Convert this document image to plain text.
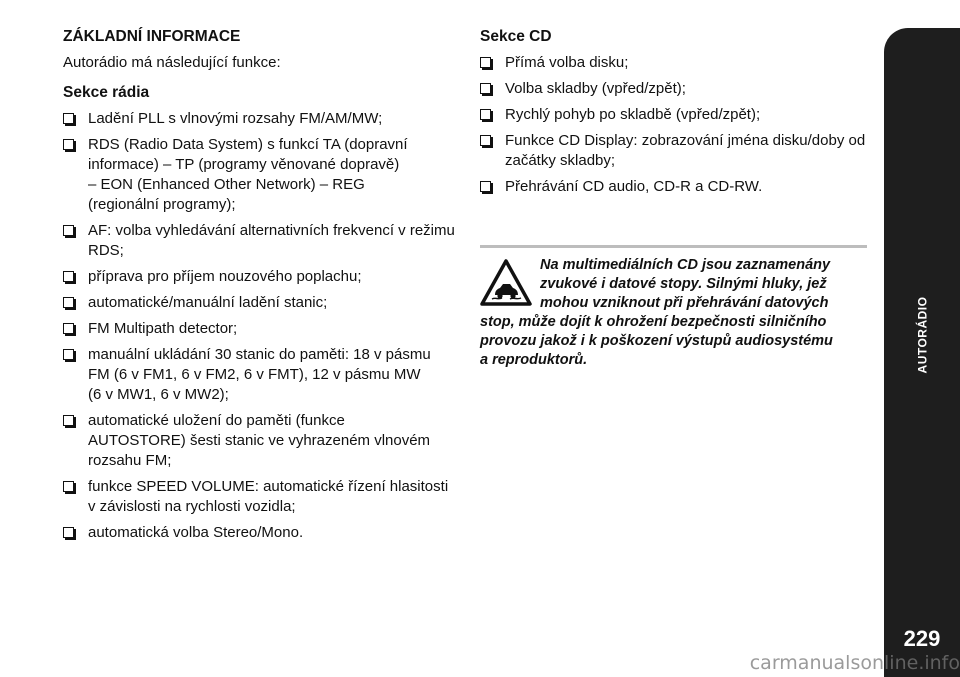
ZÁKLADNÍ INFORMACE
Autorádio má následující funkce:
Sekce rádia
Ladění PLL s vlnovými rozsahy FM/AM/MW;
RDS (Radio Data System) s funkcí TA (dopravní
informace) – TP (programy věnované dopravě)
– EON (Enhanced Other Network) – REG
(regionální programy);
AF: volba vyhledávání alternativních frekvencí v režimu
RDS;
příprava pro příjem nouzového poplachu;
automatické/manuální ladění stanic;
FM Multipath detector;
manuální ukládání 30 stanic do paměti: 18 v pásmu
FM (6 v FM1, 6 v FM2, 6 v FMT), 12 v pásmu MW
(6 v MW1, 6 v MW2);
automatické uložení do paměti (funkce
AUTOSTORE) šesti stanic ve vyhrazeném vlnovém
rozsahu FM;
funkce SPEED VOLUME: automatické řízení hlasitosti
v závislosti na rychlosti vozidla;
automatická volba Stereo/Mono.
Sekce CD
Přímá volba disku;
Volba skladby (vpřed/zpět);
Rychlý pohyb po skladbě (vpřed/zpět);
Funkce CD Display: zobrazování jména disku/doby od
začátky skladby;
Přehrávání CD audio, CD-R a CD-RW.

Na multimediálních CD jsou zaznamenány
zvukové i datové stopy. Silnými hluky, jež
mohou vzniknout při přehrávání datových
stop, může dojít k ohrožení bezpečnosti silničního
provozu jakož i k poškození výstupů audiosystému
a reproduktorů.	AUTORÁDIO
229
carmanualsonline.info
